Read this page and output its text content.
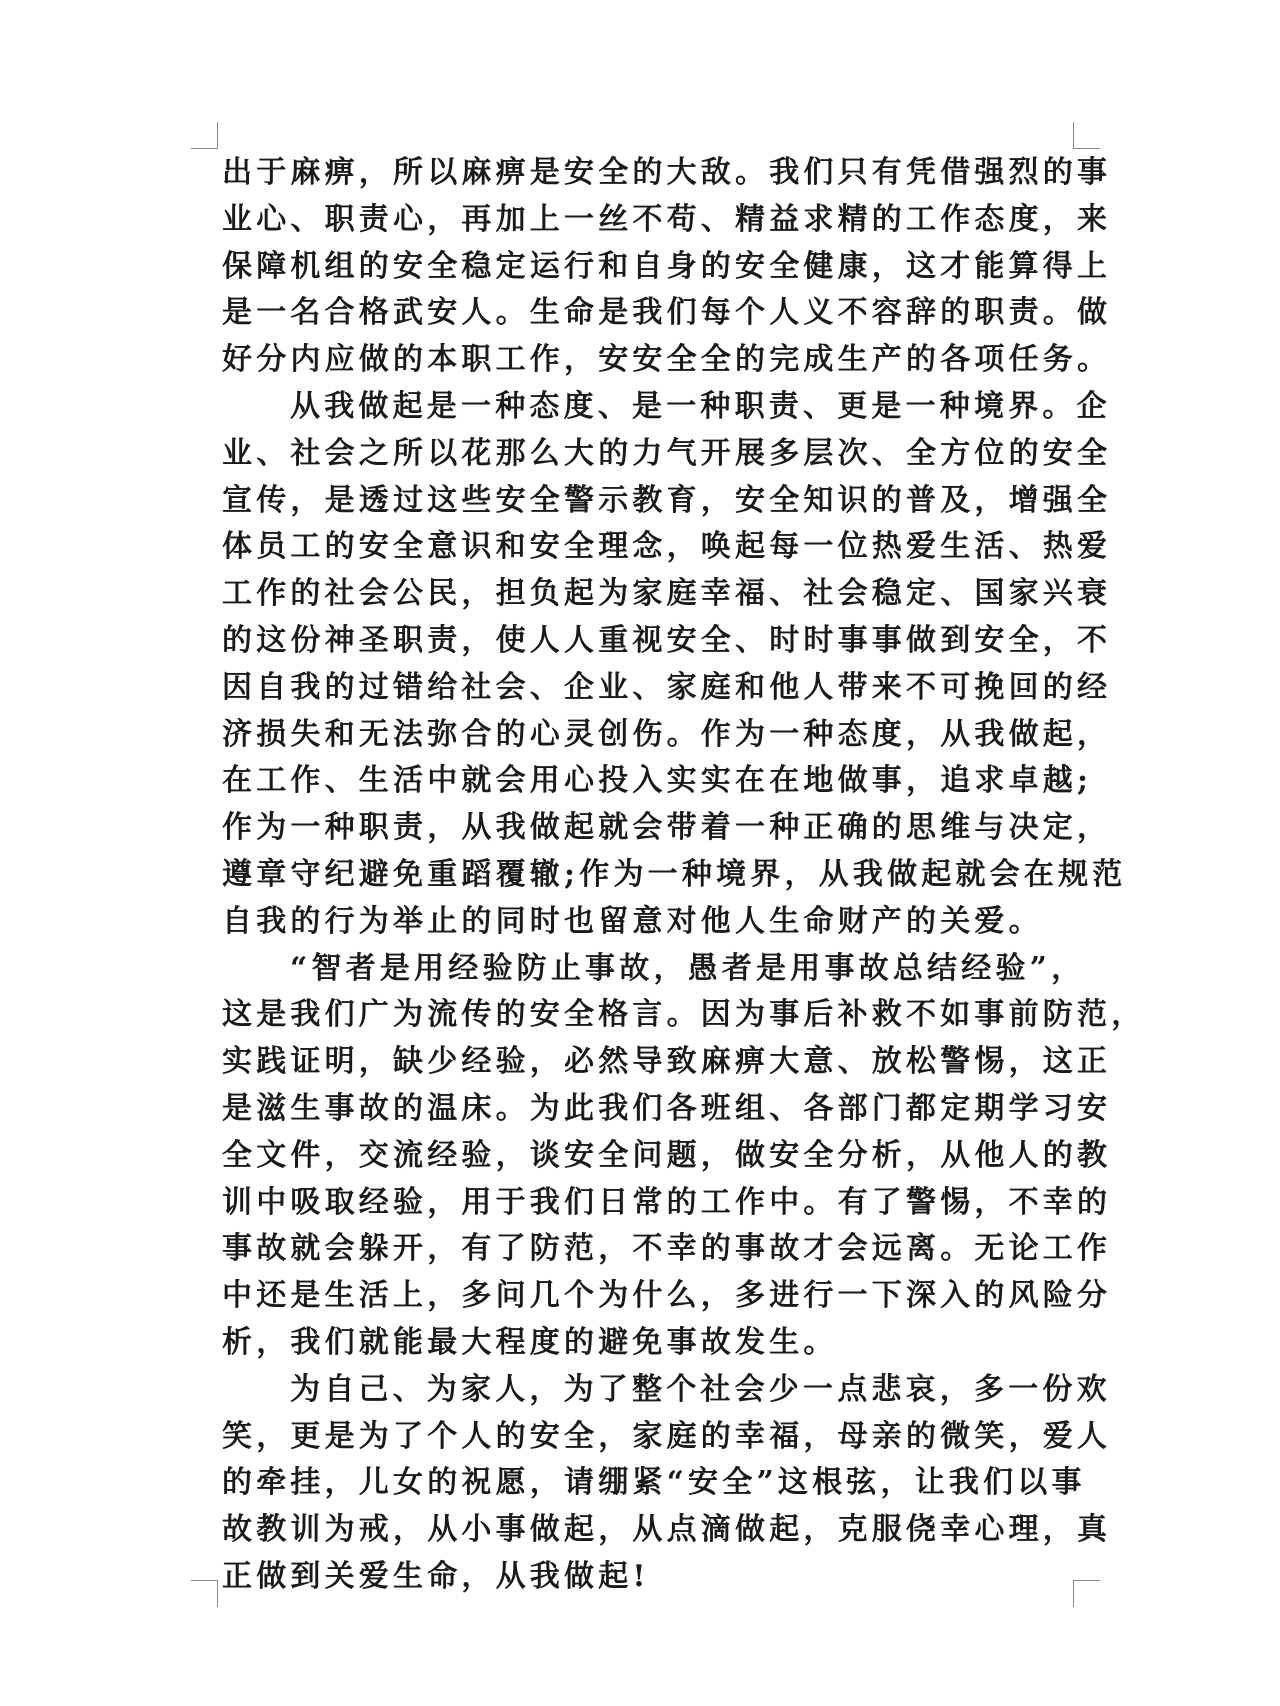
出于麻痹，所以麻痹是安全的大敌。我们只有凭借强烈的事
业心、职责心，再加上一丝不苟、精益求精的工作态度，来
保障机组的安全稳定运行和自身的安全健康，这才能算得上
是一名合格武安人。生命是我们每个人义不容辞的职责。做
好分内应做的本职工作，安安全全的完成生产的各项任务。
从我做起是一种态度、是一种职责、更是一种境界。企
业、社会之所以花那么大的力气开展多层次、全方位的安全
宣传，是透过这些安全警示教育，安全知识的普及，增强全
体员工的安全意识和安全理念，唤起每一位热爱生活、热爱
工作的社会公民，担负起为家庭幸福、社会稳定、国家兴衰
的这份神圣职责，使人人重视安全、时时事事做到安全，不
因自我的过错给社会、企业、家庭和他人带来不可挽回的经
济损失和无法弥合的心灵创伤。作为一种态度，从我做起，
在工作、生活中就会用心投入实实在在地做事，追求卓越;
作为一种职责，从我做起就会带着一种正确的思维与决定，
遵章守纪避免重蹈覆辙;作为一种境界，从我做起就会在规范
自我的行为举止的同时也留意对他人生命财产的关爱。
“智者是用经验防止事故，愚者是用事故总结经验”，
这是我们广为流传的安全格言。因为事后补救不如事前防范，
实践证明，缺少经验，必然导致麻痹大意、放松警惕，这正
是滋生事故的温床。为此我们各班组、各部门都定期学习安
全文件，交流经验，谈安全问题，做安全分析，从他人的教
训中吸取经验，用于我们日常的工作中。有了警惕，不幸的
事故就会躲开，有了防范，不幸的事故才会远离。无论工作
中还是生活上，多问几个为什么，多进行一下深入的风险分
析，我们就能最大程度的避免事故发生。
为自己、为家人，为了整个社会少一点悲哀，多一份欢
笑，更是为了个人的安全，家庭的幸福，母亲的微笑，爱人
的牵挂，儿女的祝愿，请绷紧“安全”这根弦，让我们以事
故教训为戒，从小事做起，从点滴做起，克服侥幸心理，真
正做到关爱生命，从我做起!
